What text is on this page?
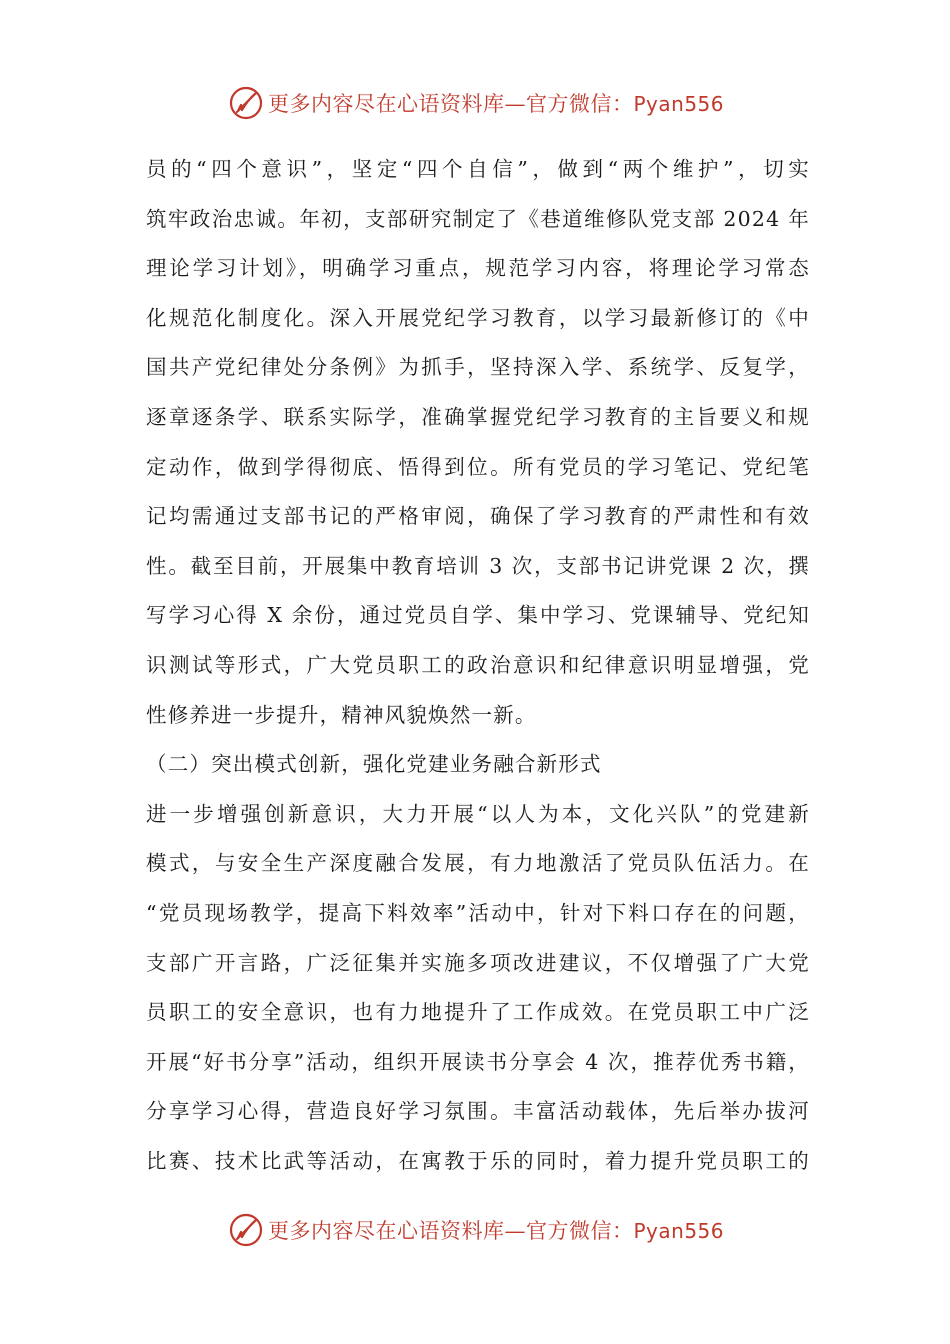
更多内容尽在心语资料库—官方微信：Pyan556
员的“四个意识”，坚定“四个自信”，做到“两个维护”，切实
筑牢政治忠诚。年初，支部研究制定了《巷道维修队党支部 2024 年
理论学习计划》，明确学习重点，规范学习内容，将理论学习常态
化规范化制度化。深入开展党纪学习教育，以学习最新修订的《中
国共产党纪律处分条例》为抓手，坚持深入学、系统学、反复学，
逐章逐条学、联系实际学，准确掌握党纪学习教育的主旨要义和规
定动作，做到学得彻底、悟得到位。所有党员的学习笔记、党纪笔
记均需通过支部书记的严格审阅，确保了学习教育的严肃性和有效
性。截至目前，开展集中教育培训 3 次，支部书记讲党课 2 次，撰
写学习心得 X 余份，通过党员自学、集中学习、党课辅导、党纪知
识测试等形式，广大党员职工的政治意识和纪律意识明显增强，党
性修养进一步提升，精神风貌焕然一新。
（二）突出模式创新，强化党建业务融合新形式
进一步增强创新意识，大力开展“以人为本，文化兴队”的党建新
模式，与安全生产深度融合发展，有力地激活了党员队伍活力。在
“党员现场教学，提高下料效率”活动中，针对下料口存在的问题，
支部广开言路，广泛征集并实施多项改进建议，不仅增强了广大党
员职工的安全意识，也有力地提升了工作成效。在党员职工中广泛
开展“好书分享”活动，组织开展读书分享会 4 次，推荐优秀书籍，
分享学习心得，营造良好学习氛围。丰富活动载体，先后举办拔河
比赛、技术比武等活动，在寓教于乐的同时，着力提升党员职工的
更多内容尽在心语资料库—官方微信：Pyan556
